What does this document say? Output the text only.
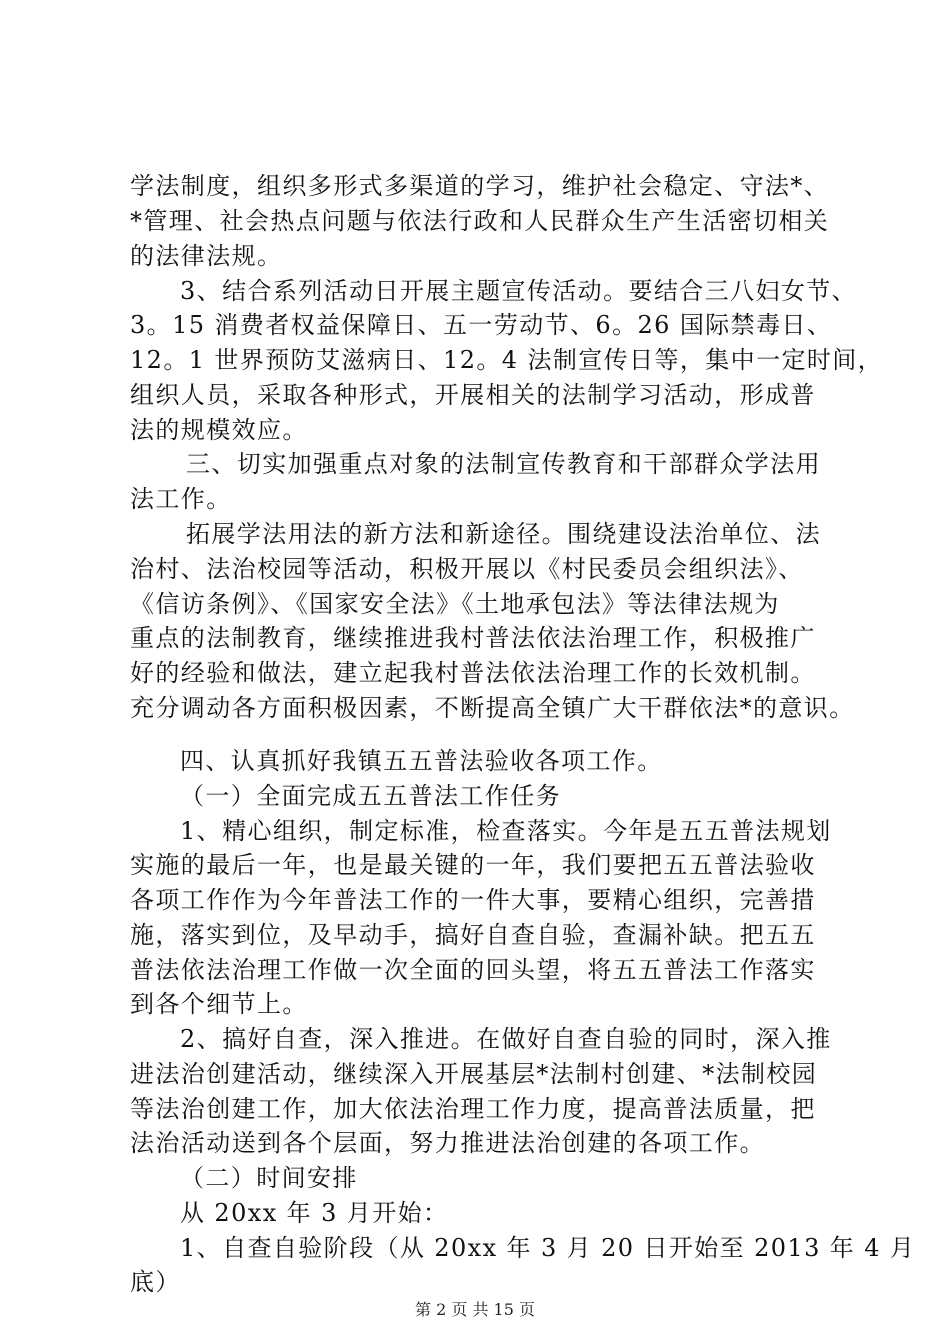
学法制度，组织多形式多渠道的学习，维护社会稳定、守法*、
*管理、社会热点问题与依法行政和人民群众生产生活密切相关
的法律法规。
3、结合系列活动日开展主题宣传活动。要结合三八妇女节、
3。15 消费者权益保障日、五一劳动节、6。26 国际禁毒日、
12。1 世界预防艾滋病日、12。4 法制宣传日等，集中一定时间，
组织人员，采取各种形式，开展相关的法制学习活动，形成普
法的规模效应。
三、切实加强重点对象的法制宣传教育和干部群众学法用
法工作。
拓展学法用法的新方法和新途径。围绕建设法治单位、法
治村、法治校园等活动，积极开展以《村民委员会组织法》、
《信访条例》、《国家安全法》《土地承包法》等法律法规为
重点的法制教育，继续推进我村普法依法治理工作，积极推广
好的经验和做法，建立起我村普法依法治理工作的长效机制。
充分调动各方面积极因素，不断提高全镇广大干群依法*的意识。
四、认真抓好我镇五五普法验收各项工作。
（一）全面完成五五普法工作任务
1、精心组织，制定标准，检查落实。今年是五五普法规划
实施的最后一年，也是最关键的一年，我们要把五五普法验收
各项工作作为今年普法工作的一件大事，要精心组织，完善措
施，落实到位，及早动手，搞好自查自验，查漏补缺。把五五
普法依法治理工作做一次全面的回头望，将五五普法工作落实
到各个细节上。
2、搞好自查，深入推进。在做好自查自验的同时，深入推
进法治创建活动，继续深入开展基层*法制村创建、*法制校园
等法治创建工作，加大依法治理工作力度，提高普法质量，把
法治活动送到各个层面，努力推进法治创建的各项工作。
（二）时间安排
从 20xx 年 3 月开始：
1、自查自验阶段（从 20xx 年 3 月 20 日开始至 2013 年 4 月
底）
第 2 页 共 15 页
